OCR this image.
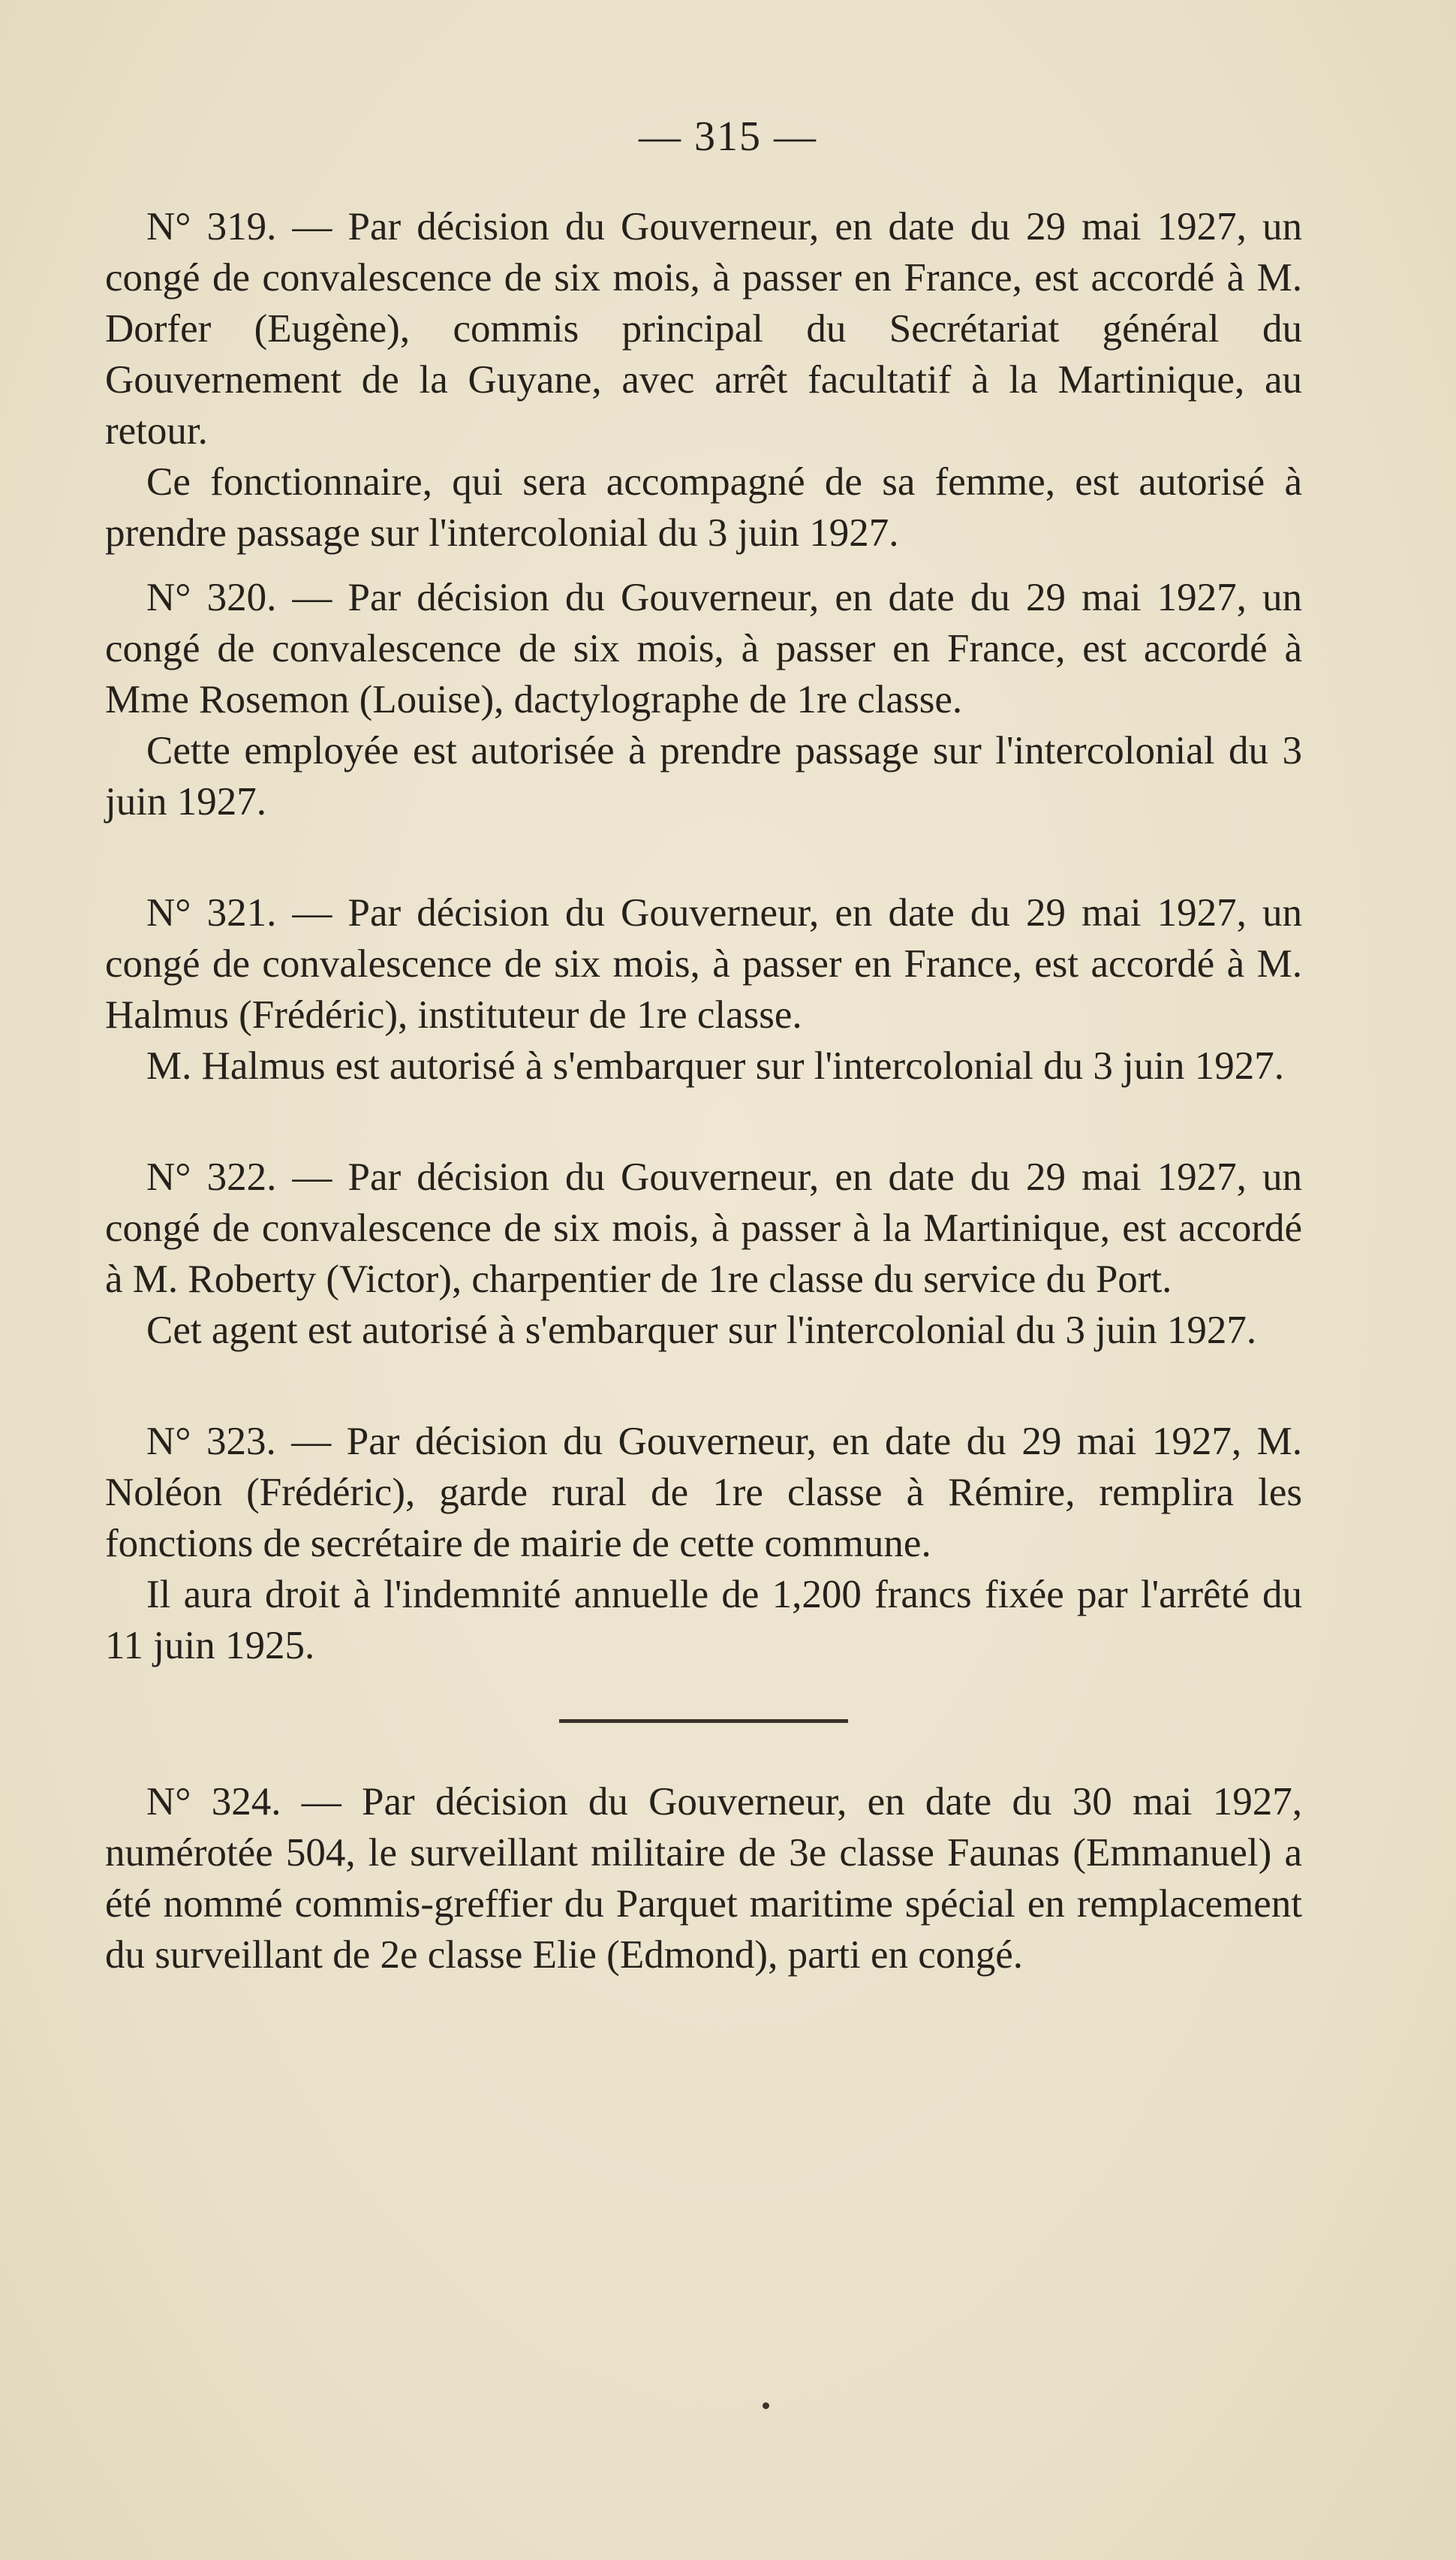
— 315 —

N° 319. — Par décision du Gouverneur, en date du 29 mai 1927, un congé de convalescence de six mois, à passer en France, est accordé à M. Dorfer (Eugène), commis principal du Secrétariat général du Gouvernement de la Guyane, avec arrêt facultatif à la Martinique, au retour.

Ce fonctionnaire, qui sera accompagné de sa femme, est autorisé à prendre passage sur l'intercolonial du 3 juin 1927.

N° 320. — Par décision du Gouverneur, en date du 29 mai 1927, un congé de convalescence de six mois, à passer en France, est accordé à Mme Rosemon (Louise), dactylographe de 1re classe.

Cette employée est autorisée à prendre passage sur l'intercolonial du 3 juin 1927.

N° 321. — Par décision du Gouverneur, en date du 29 mai 1927, un congé de convalescence de six mois, à passer en France, est accordé à M. Halmus (Frédéric), instituteur de 1re classe.

M. Halmus est autorisé à s'embarquer sur l'intercolonial du 3 juin 1927.

N° 322. — Par décision du Gouverneur, en date du 29 mai 1927, un congé de convalescence de six mois, à passer à la Martinique, est accordé à M. Roberty (Victor), charpentier de 1re classe du service du Port.

Cet agent est autorisé à s'embarquer sur l'intercolonial du 3 juin 1927.

N° 323. — Par décision du Gouverneur, en date du 29 mai 1927, M. Noléon (Frédéric), garde rural de 1re classe à Rémire, remplira les fonctions de secrétaire de mairie de cette commune.

Il aura droit à l'indemnité annuelle de 1,200 francs fixée par l'arrêté du 11 juin 1925.

N° 324. — Par décision du Gouverneur, en date du 30 mai 1927, numérotée 504, le surveillant militaire de 3e classe Faunas (Emmanuel) a été nommé commis-greffier du Parquet maritime spécial en remplacement du surveillant de 2e classe Elie (Edmond), parti en congé.
